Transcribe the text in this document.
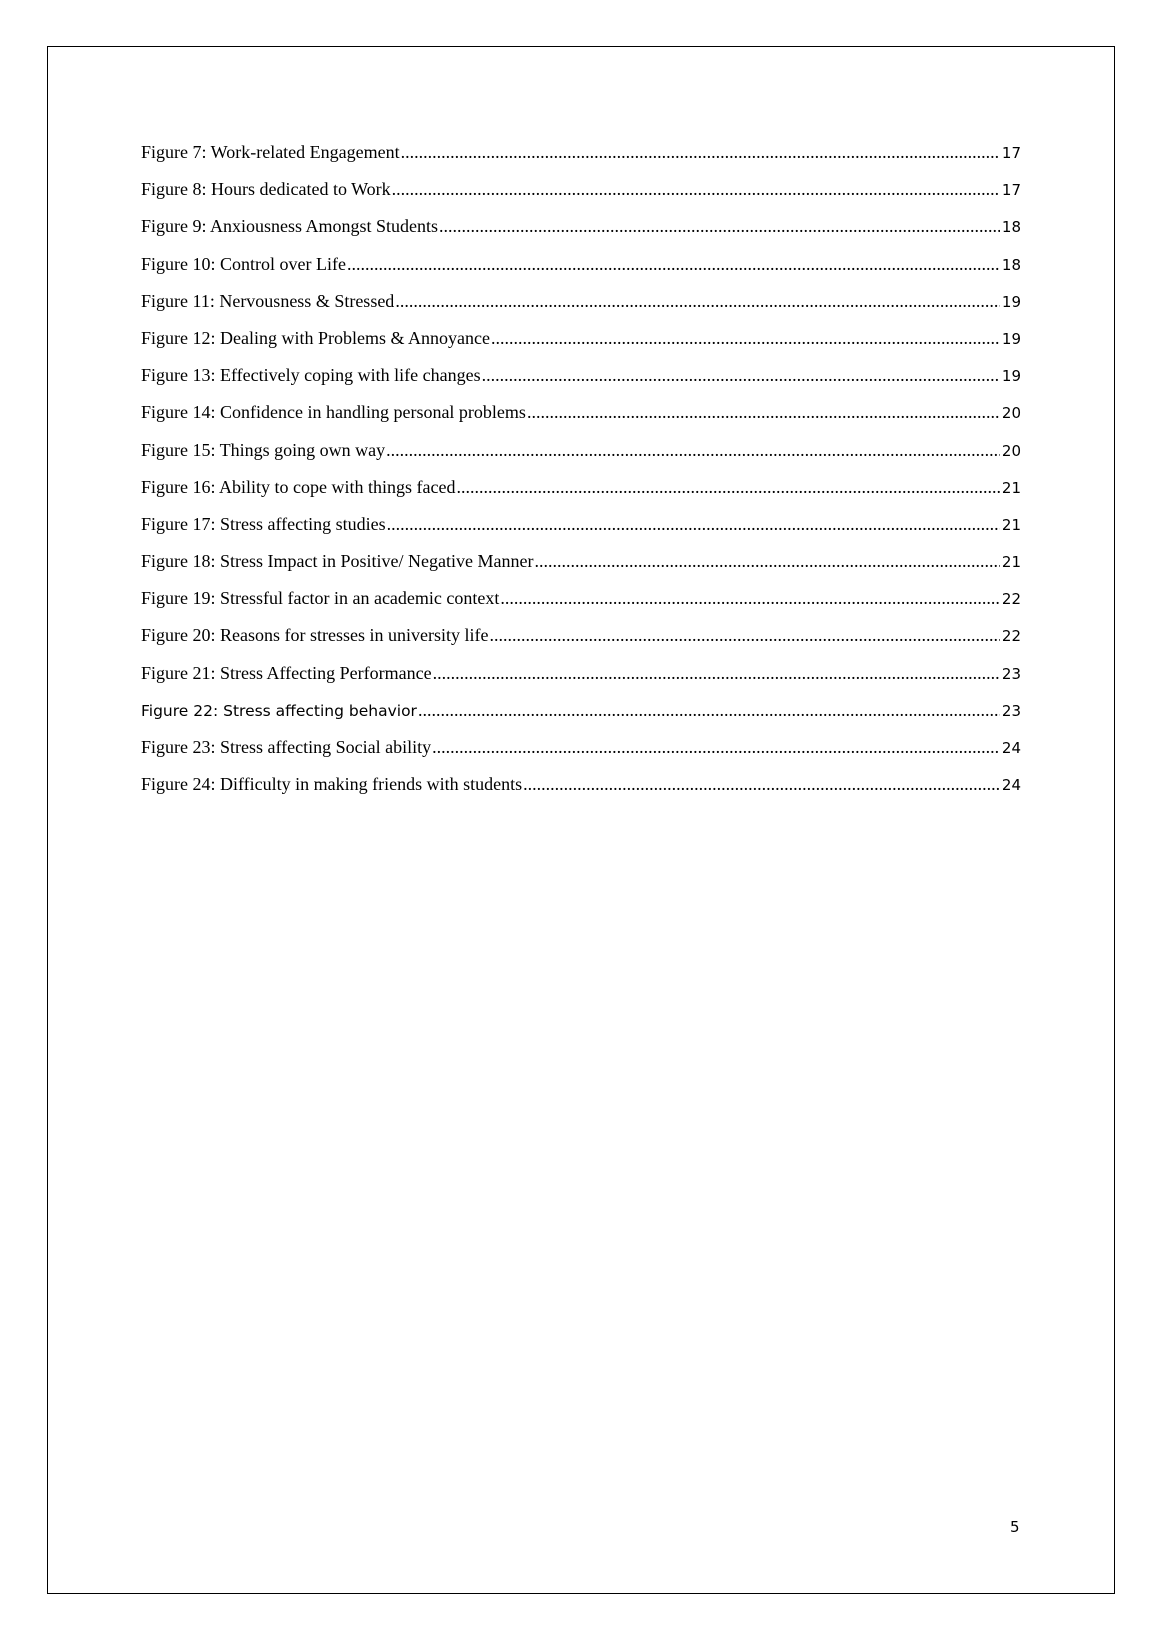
Figure 7: Work-related Engagement .....	17
Figure 8: Hours dedicated to Work .....	17
Figure 9: Anxiousness Amongst Students .....	18
Figure 10: Control over Life .....	18
Figure 11: Nervousness & Stressed .....	19
Figure 12: Dealing with Problems & Annoyance .....	19
Figure 13: Effectively coping with life changes .....	19
Figure 14: Confidence in handling personal problems .....	20
Figure 15: Things going own way .....	20
Figure 16: Ability to cope with things faced .....	21
Figure 17: Stress affecting studies .....	21
Figure 18: Stress Impact in Positive/ Negative Manner .....	21
Figure 19: Stressful factor in an academic context .....	22
Figure 20: Reasons for stresses in university life .....	22
Figure 21: Stress Affecting Performance .....	23
Figure 22: Stress affecting behavior .....	23
Figure 23: Stress affecting Social ability .....	24
Figure 24: Difficulty in making friends with students .....	24
5
